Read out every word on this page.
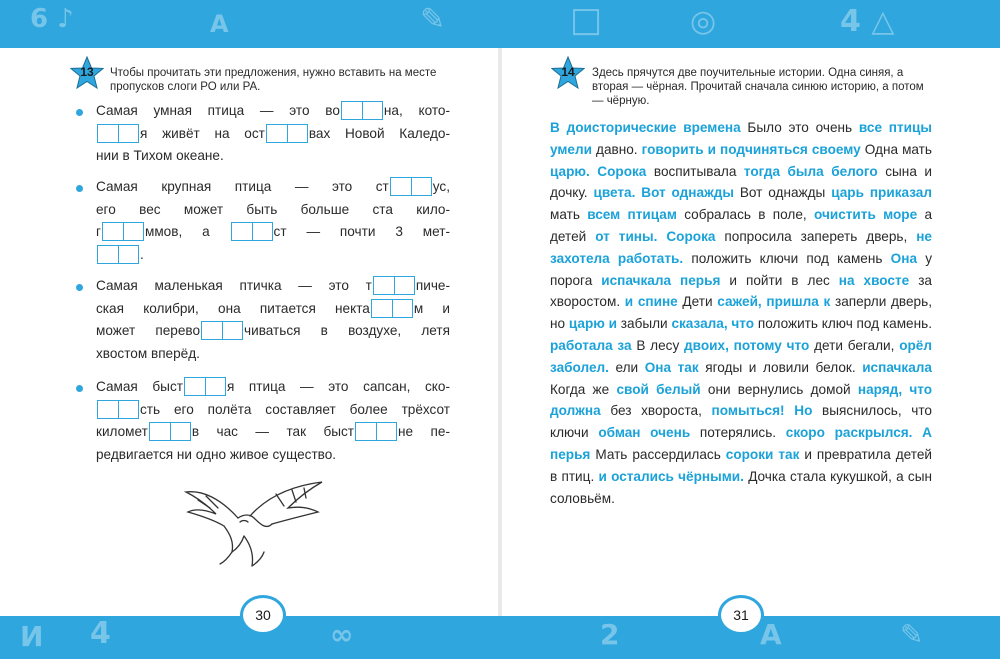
6 ♪	А	✎	□	◎	4 △
И 4	∞	2	А	✎
13	Чтобы прочитать эти предложения, нужно вставить на месте пропусков слоги РО или РА.
Самая умная птица — это во	на, кото-
я живёт на ост	вах Новой Каледо-
нии в Тихом океане.
Самая крупная птица — это ст	ус,
его вес может быть больше ста кило-
г	ммов, а	ст — почти 3 мет-
.
Самая маленькая птичка — это т	пиче-
ская колибри, она питается некта	м и
может перево	чиваться в воздухе, летя
хвостом вперёд.
Самая быст	я птица — это сапсан, ско-
сть его полёта составляет более трёхсот
километ	в час — так быст	не пе-
редвигается ни одно живое существо.
30
14	Здесь прячутся две поучительные истории. Одна синяя, а вторая — чёрная. Прочитай сначала синюю историю, а потом — чёрную.
В доисторические времена Было это очень все птицы умели давно. говорить и подчиняться своему Одна мать царю. Сорока воспитывала тогда была белого сына и дочку. цвета. Вот однажды Вот однажды царь приказал мать всем птицам собралась в поле, очистить море а детей от тины. Сорока попросила запереть дверь, не захотела работать. положить ключи под камень Она у порога испачкала перья и пойти в лес на хвосте за хворостом. и спине Дети сажей, пришла к заперли дверь, но царю и забыли сказала, что положить ключ под камень. работала за В лесу двоих, потому что дети бегали, орёл заболел. ели Она так ягоды и ловили белок. испачкала Когда же свой белый они вернулись домой наряд, что должна без хвороста, помыться! Но выяснилось, что ключи обман очень потерялись. скоро раскрылся. А перья Мать рассердилась сороки так и превратила детей в птиц. и остались чёрными. Дочка стала кукушкой, а сын соловьём.
31
